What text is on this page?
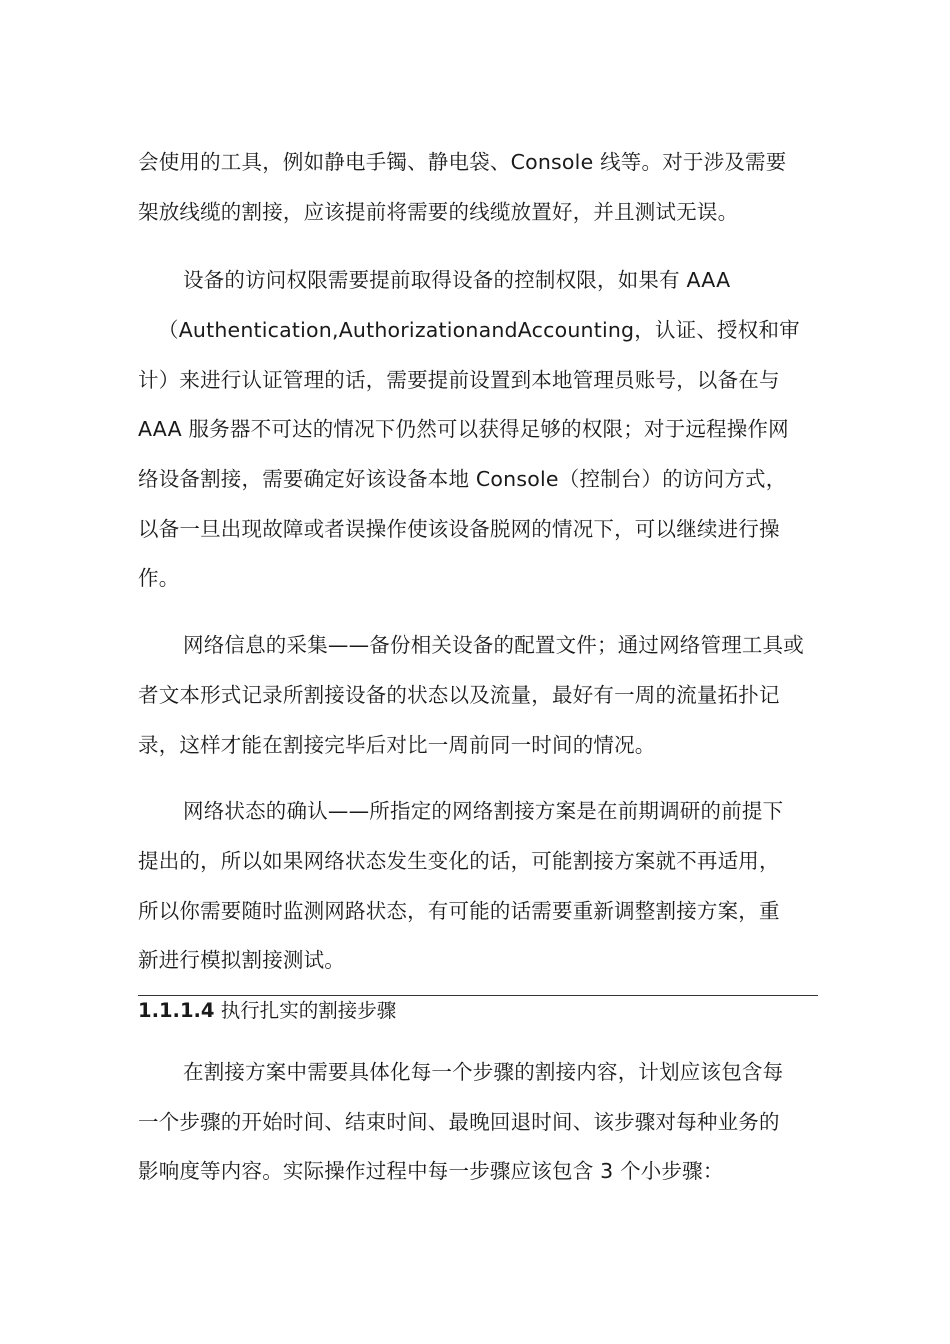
会使用的工具，例如静电手镯、静电袋、Console 线等。对于涉及需要
架放线缆的割接，应该提前将需要的线缆放置好，并且测试无误。
设备的访问权限需要提前取得设备的控制权限，如果有 AAA
（Authentication,AuthorizationandAccounting，认证、授权和审
计）来进行认证管理的话，需要提前设置到本地管理员账号，以备在与
AAA 服务器不可达的情况下仍然可以获得足够的权限；对于远程操作网
络设备割接，需要确定好该设备本地 Console（控制台）的访问方式，
以备一旦出现故障或者误操作使该设备脱网的情况下，可以继续进行操
作。
网络信息的采集——备份相关设备的配置文件；通过网络管理工具或
者文本形式记录所割接设备的状态以及流量，最好有一周的流量拓扑记
录，这样才能在割接完毕后对比一周前同一时间的情况。
网络状态的确认——所指定的网络割接方案是在前期调研的前提下
提出的，所以如果网络状态发生变化的话，可能割接方案就不再适用，
所以你需要随时监测网路状态，有可能的话需要重新调整割接方案，重
新进行模拟割接测试。
1.1.1.4 执行扎实的割接步骤
在割接方案中需要具体化每一个步骤的割接内容，计划应该包含每
一个步骤的开始时间、结束时间、最晚回退时间、该步骤对每种业务的
影响度等内容。实际操作过程中每一步骤应该包含 3 个小步骤：
